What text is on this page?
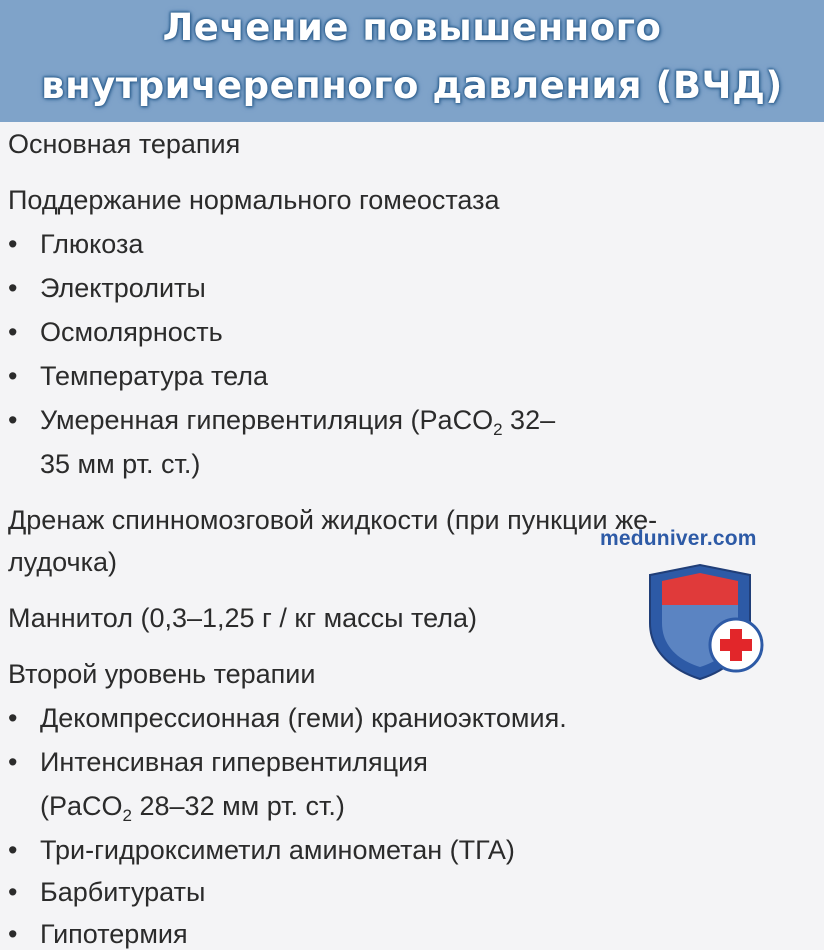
Лечение повышенного
внутричерепного давления (ВЧД)
Основная терапия
Поддержание нормального гомеостаза
• Глюкоза
• Электролиты
• Осмолярность
• Температура тела
• Умеренная гипервентиляция (PaCO$_2$ 32–
35 мм рт. ст.)
Дренаж спинномозговой жидкости (при пункции же-
лудочка)
Маннитол (0,3–1,25 г / кг массы тела)
Второй уровень терапии
• Декомпрессионная (геми) краниоэктомия.
• Интенсивная гипервентиляция
(PaCO$_2$ 28–32 мм рт. ст.)
• Три-гидроксиметил аминометан (ТГА)
• Барбитураты
• Гипотермия
meduniver.com
